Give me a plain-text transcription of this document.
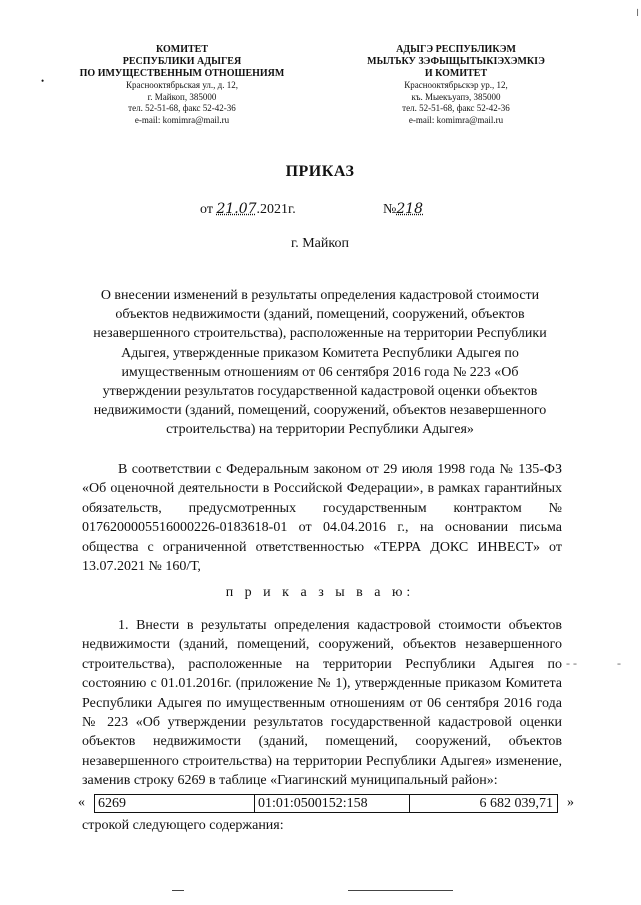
КОМИТЕТ
РЕСПУБЛИКИ АДЫГЕЯ
ПО ИМУЩЕСТВЕННЫМ ОТНОШЕНИЯМ
Краснооктябрьская ул., д. 12,
г. Майкоп, 385000
тел. 52-51-68, факс 52-42-36
e-mail: komimra@mail.ru
•
АДЫГЭ РЕСПУБЛИКЭМ
МЫЛЪКУ ЗЭФЫЩЫТЫКІЭХЭМКІЭ
И КОМИТЕТ
Краснооктябрьскэр ур., 12,
къ. Мыекъуапэ, 385000
тел. 52-51-68, факс 52-42-36
e-mail: komimra@mail.ru
ПРИКАЗ
от 21.07.2021г.	№218
г. Майкоп
О внесении изменений в результаты определения кадастровой стоимости объектов недвижимости (зданий, помещений, сооружений, объектов незавершенного строительства), расположенные на территории Республики Адыгея, утвержденные приказом Комитета Республики Адыгея по имущественным отношениям от 06 сентября 2016 года № 223 «Об утверждении результатов государственной кадастровой оценки объектов недвижимости (зданий, помещений, сооружений, объектов незавершенного строительства) на территории Республики Адыгея»
В соответствии с Федеральным законом от 29 июля 1998 года № 135-ФЗ «Об оценочной деятельности в Российской Федерации», в рамках гарантийных обязательств, предусмотренных государственным контрактом № 0176200005516000226-0183618-01 от 04.04.2016 г., на основании письма общества с ограниченной ответственностью «ТЕРРА ДОКС ИНВЕСТ» от 13.07.2021 № 160/Т,
п р и к а з ы в а ю:
1. Внести в результаты определения кадастровой стоимости объектов недвижимости (зданий, помещений, сооружений, объектов незавершенного строительства), расположенные на территории Республики Адыгея по состоянию с 01.01.2016г. (приложение № 1), утвержденные приказом Комитета Республики Адыгея по имущественным отношениям от 06 сентября 2016 года № 223 «Об утверждении результатов государственной кадастровой оценки объектов недвижимости (зданий, помещений, сооружений, объектов незавершенного строительства) на территории Республики Адыгея» изменение, заменив строку 6269 в таблице «Гиагинский муниципальный район»:
« 6269	01:01:0500152:158	6 682 039,71 »
строкой следующего содержания:
‐ ‐	‐
╷
